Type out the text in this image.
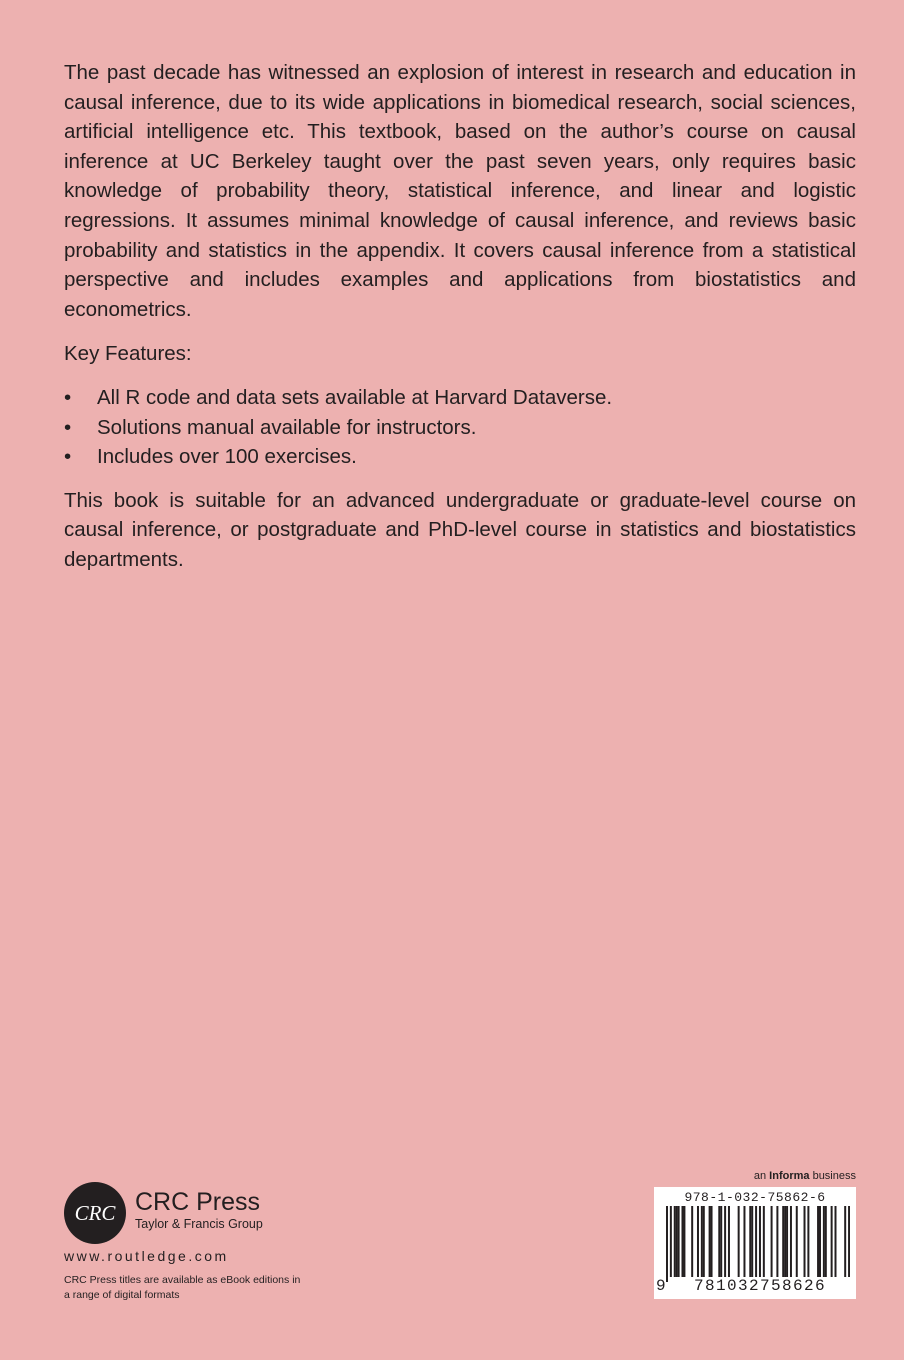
The past decade has witnessed an explosion of interest in research and education in causal inference, due to its wide applications in biomedical research, social sciences, artificial intelligence etc. This textbook, based on the author’s course on causal inference at UC Berkeley taught over the past seven years, only requires basic knowledge of probability theory, statistical inference, and linear and logistic regressions. It assumes minimal knowledge of causal inference, and reviews basic probability and statistics in the appendix. It covers causal inference from a statistical perspective and includes examples and applications from biostatistics and econometrics.

Key Features:

• All R code and data sets available at Harvard Dataverse.
• Solutions manual available for instructors.
• Includes over 100 exercises.

This book is suitable for an advanced undergraduate or graduate-level course on causal inference, or postgraduate and PhD-level course in statistics and biostatistics departments.

CRC CRC Press
Taylor & Francis Group
www.routledge.com
CRC Press titles are available as eBook editions in a range of digital formats
an Informa business
978-1-032-75862-6
9	781032758626
